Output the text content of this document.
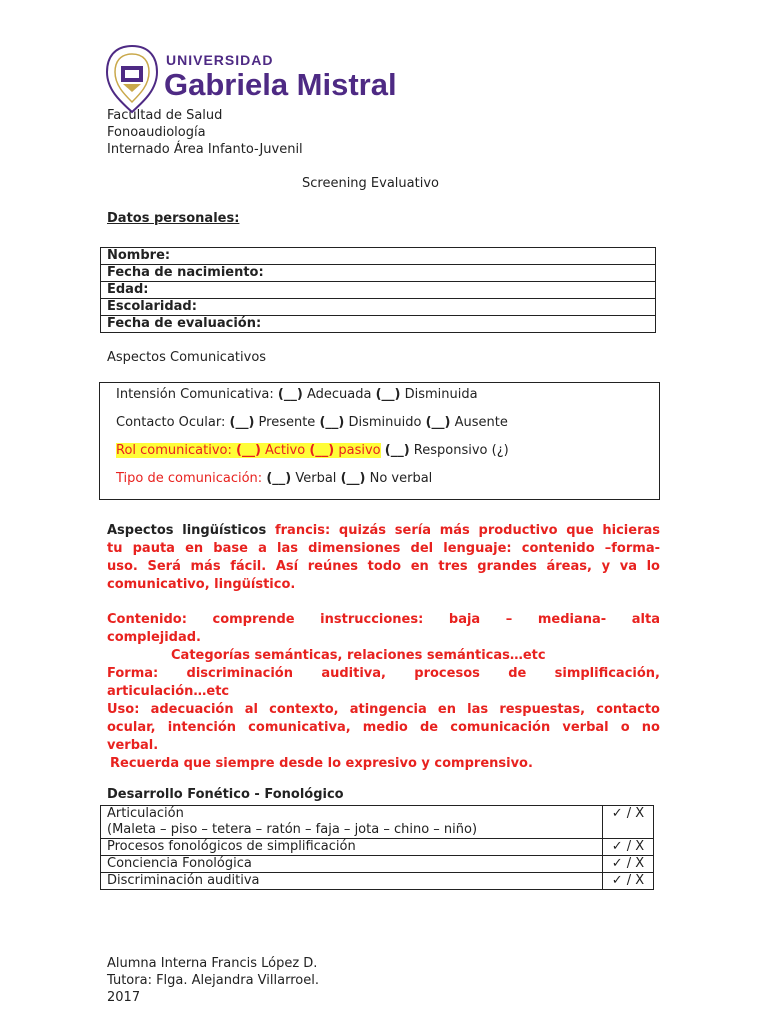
UNIVERSIDAD
Gabriela Mistral
Facultad de Salud
Fonoaudiología
Internado Área Infanto-Juvenil
Screening Evaluativo
Datos personales:
Nombre:
Fecha de nacimiento:
Edad:
Escolaridad:
Fecha de evaluación:
Aspectos Comunicativos
Intensión Comunicativa: (__) Adecuada (__) Disminuida
Contacto Ocular: (__) Presente (__) Disminuido (__) Ausente
Rol comunicativo: (__) Activo (__) pasivo (__) Responsivo (¿)
Tipo de comunicación: (__) Verbal (__) No verbal
Aspectos lingüísticos francis: quizás sería más productivo que hicieras
tu pauta en base a las dimensiones del lenguaje: contenido –forma-
uso. Será más fácil. Así reúnes todo en tres grandes áreas, y va lo
comunicativo, lingüístico.
Contenido: comprende instrucciones: baja – mediana- alta
complejidad.
Categorías semánticas, relaciones semánticas…etc
Forma: discriminación auditiva, procesos de simplificación,
articulación…etc
Uso: adecuación al contexto, atingencia en las respuestas, contacto
ocular, intención comunicativa, medio de comunicación verbal o no
verbal.
Recuerda que siempre desde lo expresivo y comprensivo.
Desarrollo Fonético - Fonológico
Articulación
(Maleta – piso – tetera – ratón – faja – jota – chino – niño)	✓ / X
Procesos fonológicos de simplificación	✓ / X
Conciencia Fonológica	✓ / X
Discriminación auditiva	✓ / X
Alumna Interna Francis López D.
Tutora: Flga. Alejandra Villarroel.
2017
